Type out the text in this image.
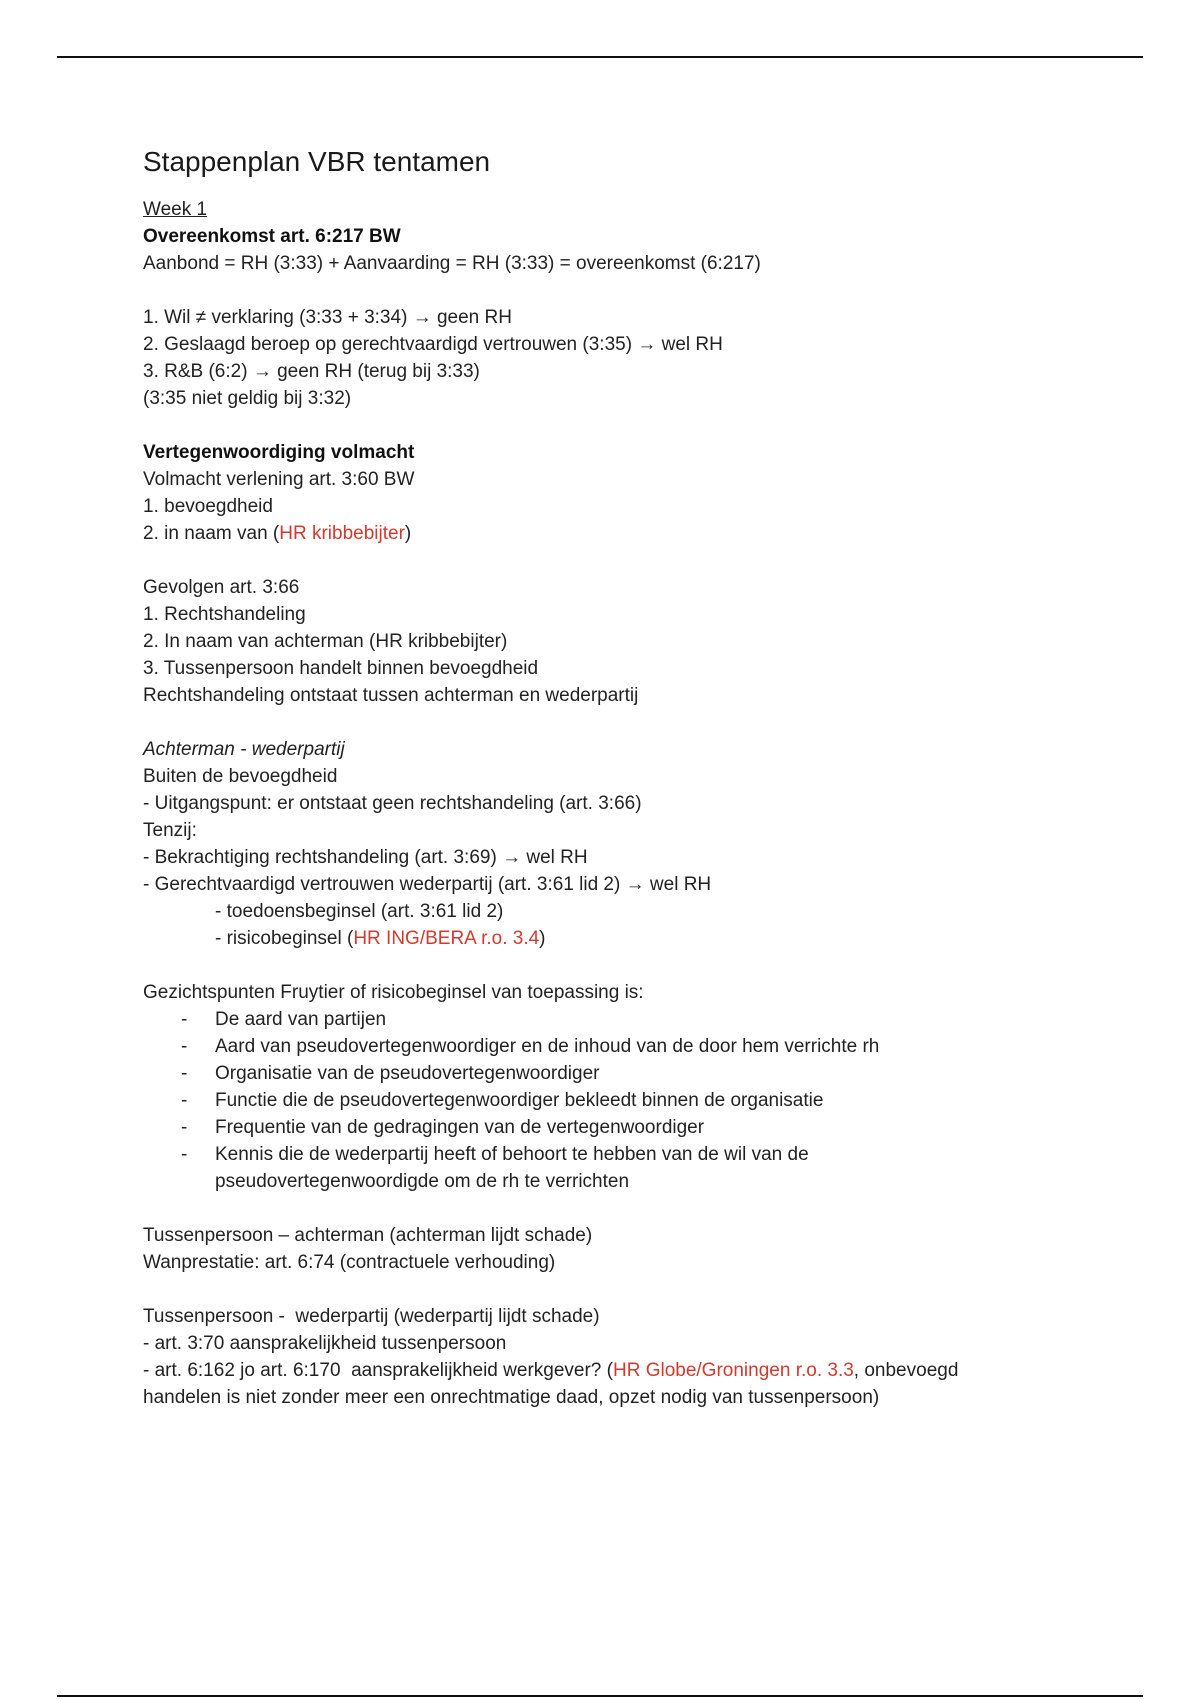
Stappenplan VBR tentamen

Week 1

Overeenkomst art. 6:217 BW

Aanbond = RH (3:33) + Aanvaarding = RH (3:33) = overeenkomst (6:217)

1. Wil ≠ verklaring (3:33 + 3:34) → geen RH

2. Geslaagd beroep op gerechtvaardigd vertrouwen (3:35) → wel RH

3. R&B (6:2) → geen RH (terug bij 3:33)

(3:35 niet geldig bij 3:32)

Vertegenwoordiging volmacht

Volmacht verlening art. 3:60 BW

1. bevoegdheid

2. in naam van (HR kribbebijter)

Gevolgen art. 3:66

1. Rechtshandeling

2. In naam van achterman (HR kribbebijter)

3. Tussenpersoon handelt binnen bevoegdheid

Rechtshandeling ontstaat tussen achterman en wederpartij

Achterman - wederpartij

Buiten de bevoegdheid

- Uitgangspunt: er ontstaat geen rechtshandeling (art. 3:66)

Tenzij:

- Bekrachtiging rechtshandeling (art. 3:69) → wel RH

- Gerechtvaardigd vertrouwen wederpartij (art. 3:61 lid 2) → wel RH

- toedoensbeginsel (art. 3:61 lid 2)

- risicobeginsel (HR ING/BERA r.o. 3.4)

Gezichtspunten Fruytier of risicobeginsel van toepassing is:

- De aard van partijen
- Aard van pseudovertegenwoordiger en de inhoud van de door hem verrichte rh
- Organisatie van de pseudovertegenwoordiger
- Functie die de pseudovertegenwoordiger bekleedt binnen de organisatie
- Frequentie van de gedragingen van de vertegenwoordiger
- Kennis die de wederpartij heeft of behoort te hebben van de wil van de pseudovertegenwoordigde om de rh te verrichten

Tussenpersoon – achterman (achterman lijdt schade)

Wanprestatie: art. 6:74 (contractuele verhouding)

Tussenpersoon -  wederpartij (wederpartij lijdt schade)

- art. 3:70 aansprakelijkheid tussenpersoon

- art. 6:162 jo art. 6:170  aansprakelijkheid werkgever? (HR Globe/Groningen r.o. 3.3, onbevoegd

handelen is niet zonder meer een onrechtmatige daad, opzet nodig van tussenpersoon)
